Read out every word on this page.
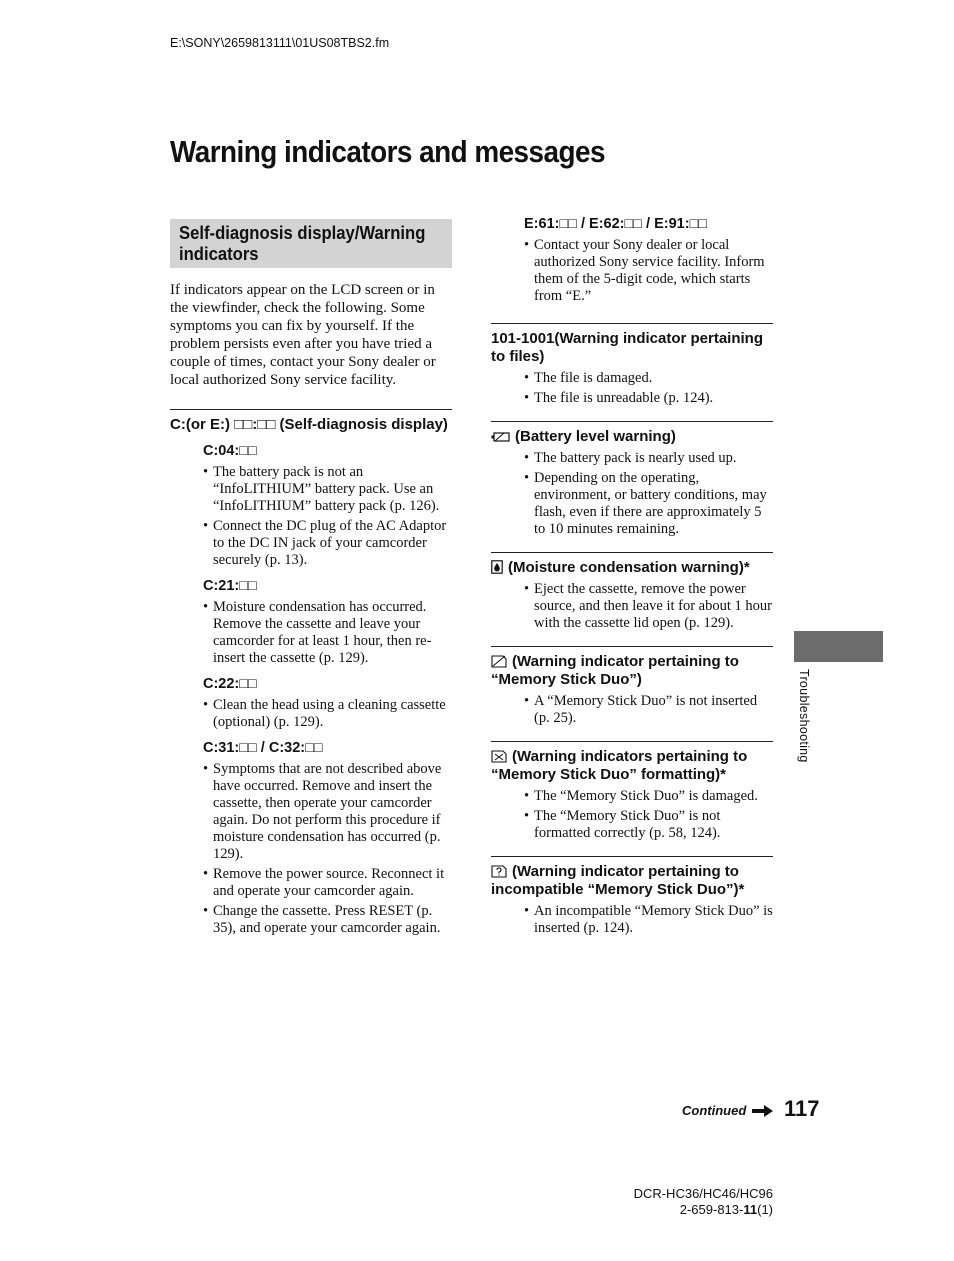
E:\SONY\2659813111\01US08TBS2.fm
Warning indicators and messages
Self-diagnosis display/Warning indicators

If indicators appear on the LCD screen or in the viewfinder, check the following. Some symptoms you can fix by yourself. If the problem persists even after you have tried a couple of times, contact your Sony dealer or local authorized Sony service facility.

C:(or E:) □□:□□ (Self-diagnosis display)
C:04:□□
• The battery pack is not an “InfoLITHIUM” battery pack. Use an “InfoLITHIUM” battery pack (p. 126).
• Connect the DC plug of the AC Adaptor to the DC IN jack of your camcorder securely (p. 13).
C:21:□□
• Moisture condensation has occurred. Remove the cassette and leave your camcorder for at least 1 hour, then re-insert the cassette (p. 129).
C:22:□□
• Clean the head using a cleaning cassette (optional) (p. 129).
C:31:□□ / C:32:□□
• Symptoms that are not described above have occurred. Remove and insert the cassette, then operate your camcorder again. Do not perform this procedure if moisture condensation has occurred (p. 129).
• Remove the power source. Reconnect it and operate your camcorder again.
• Change the cassette. Press RESET (p. 35), and operate your camcorder again.
E:61:□□ / E:62:□□ / E:91:□□
• Contact your Sony dealer or local authorized Sony service facility. Inform them of the 5-digit code, which starts from “E.”
101-1001(Warning indicator pertaining to files)
• The file is damaged.
• The file is unreadable (p. 124).
(Battery level warning)
• The battery pack is nearly used up.
• Depending on the operating, environment, or battery conditions, may flash, even if there are approximately 5 to 10 minutes remaining.
(Moisture condensation warning)*
• Eject the cassette, remove the power source, and then leave it for about 1 hour with the cassette lid open (p. 129).
(Warning indicator pertaining to “Memory Stick Duo”)
• A “Memory Stick Duo” is not inserted (p. 25).
(Warning indicators pertaining to “Memory Stick Duo” formatting)*
• The “Memory Stick Duo” is damaged.
• The “Memory Stick Duo” is not formatted correctly (p. 58, 124).
(Warning indicator pertaining to incompatible “Memory Stick Duo”)*
• An incompatible “Memory Stick Duo” is inserted (p. 124).
Troubleshooting
Continued	117
DCR-HC36/HC46/HC96
2-659-813-11(1)
